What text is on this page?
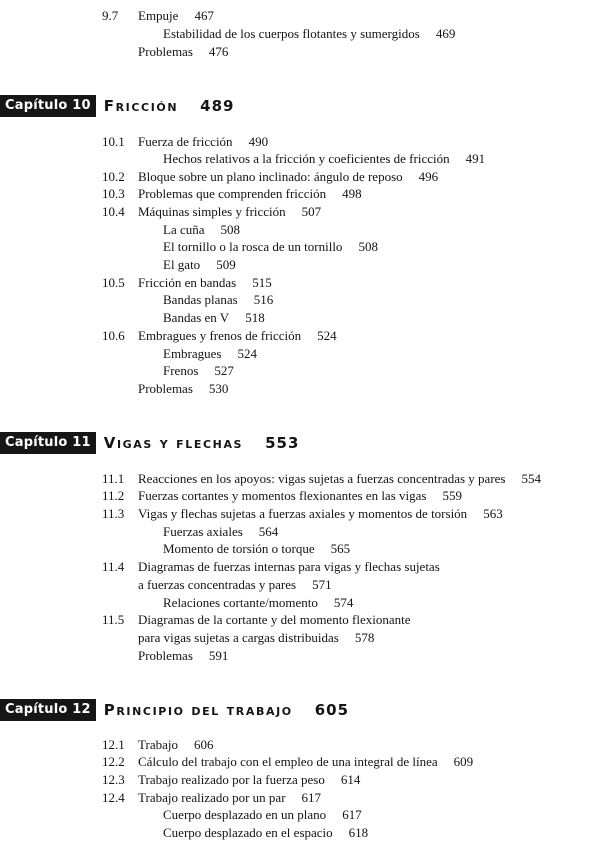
9.7 Empuje 467
Estabilidad de los cuerpos flotantes y sumergidos 469
Problemas 476
Capítulo 10 Fricción 489
10.1 Fuerza de fricción 490
Hechos relativos a la fricción y coeficientes de fricción 491
10.2 Bloque sobre un plano inclinado: ángulo de reposo 496
10.3 Problemas que comprenden fricción 498
10.4 Máquinas simples y fricción 507
La cuña 508
El tornillo o la rosca de un tornillo 508
El gato 509
10.5 Fricción en bandas 515
Bandas planas 516
Bandas en V 518
10.6 Embragues y frenos de fricción 524
Embragues 524
Frenos 527
Problemas 530
Capítulo 11 Vigas y flechas 553
11.1 Reacciones en los apoyos: vigas sujetas a fuerzas concentradas y pares 554
11.2 Fuerzas cortantes y momentos flexionantes en las vigas 559
11.3 Vigas y flechas sujetas a fuerzas axiales y momentos de torsión 563
Fuerzas axiales 564
Momento de torsión o torque 565
11.4 Diagramas de fuerzas internas para vigas y flechas sujetas
a fuerzas concentradas y pares 571
Relaciones cortante/momento 574
11.5 Diagramas de la cortante y del momento flexionante
para vigas sujetas a cargas distribuidas 578
Problemas 591
Capítulo 12 Principio del trabajo 605
12.1 Trabajo 606
12.2 Cálculo del trabajo con el empleo de una integral de línea 609
12.3 Trabajo realizado por la fuerza peso 614
12.4 Trabajo realizado por un par 617
Cuerpo desplazado en un plano 617
Cuerpo desplazado en el espacio 618
